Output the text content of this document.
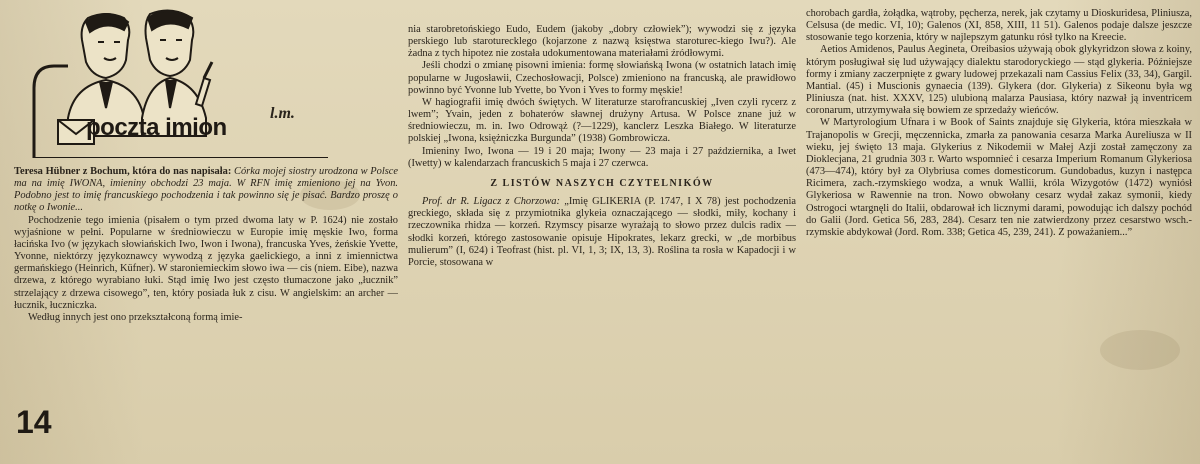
poczta imion
l.m.

Teresa Hübner z Bochum, która do nas napisała: Córka mojej siostry urodzona w Polsce ma na imię IWONA, imieniny obchodzi 23 maja. W RFN imię zmieniono jej na Yvon. Podobno jest to imię francuskiego pochodzenia i tak powinno się je pisać. Bardzo proszę o notkę o Iwonie...

Pochodzenie tego imienia (pisałem o tym przed dwoma laty w P. 1624) nie zostało wyjaśnione w pełni. Popularne w średniowieczu w Europie imię męskie Iwo, forma łacińska Ivo (w językach słowiańskich Iwo, Iwon i Iwona), francuska Yves, żeńskie Yvette, Yvonne, niektórzy językoznawcy wywodzą z języka gaelickiego, a inni z imiennictwa germańskiego (Heinrich, Küfner). W staroniemieckim słowo iwa — cis (niem. Eibe), nazwa drzewa, z którego wyrabiano łuki. Stąd imię Iwo jest często tłumaczone jako „łucznik” strzelający z drzewa cisowego”, ten, który posiada łuk z cisu. W angielskim: an archer — łucznik, łuczniczka.

Według innych jest ono przekształconą formą imie-

14

nia starobretońskiego Eudo, Eudem (jakoby „dobry człowiek”); wywodzi się z języka perskiego lub staroturecklego (kojarzone z nazwą księstwa staroturec-kiego Iwu?). Ale żadna z tych hipotez nie została udokumentowana materiałami źródłowymi.

Jeśli chodzi o zmianę pisowni imienia: formę słowiańską Iwona (w ostatnich latach imię popularne w Jugosławii, Czechosłowacji, Polsce) zmieniono na francuską, ale prawidłowo powinno być Yvonne lub Yvette, bo Yvon i Yves to formy męskie!

W hagiografii imię dwóch świętych. W literaturze starofrancuskiej „Iven czyli rycerz z lwem”; Yvain, jeden z bohaterów sławnej drużyny Artusa. W Polsce znane już w średniowieczu, m. in. Iwo Odrowąż (?—1229), kanclerz Leszka Białego. W literaturze polskiej „Iwona, księżniczka Burgunda” (1938) Gombrowicza.

Imieniny Iwo, Iwona — 19 i 20 maja; Iwony — 23 maja i 27 października, a Iwet (Iwetty) w kalendarzach francuskich 5 maja i 27 czerwca.

Z LISTÓW NASZYCH CZYTELNIKÓW

Prof. dr R. Ligacz z Chorzowa: „Imię GLIKERIA (P. 1747, I X 78) jest pochodzenia greckiego, składa się z przymiotnika glykeia oznaczającego — słodki, miły, kochany i rzeczownika rhidza — korzeń. Rzymscy pisarze wyrażają to słowo przez dulcis radix — słodki korzeń, którego zastosowanie opisuje Hipokrates, lekarz grecki, w „de morbibus mulierum” (I, 624) i Teofrast (hist. pl. VI, 1, 3; IX, 13, 3). Roślina ta rosła w Kapadocji i w Porcie, stosowana w

chorobach gardła, żołądka, wątroby, pęcherza, nerek, jak czytamy u Dioskuridesa, Pliniusza, Celsusa (de medic. VI, 10); Galenos (XI, 858, XIII, 11 51). Galenos podaje dalsze jeszcze stosowanie tego korzenia, który w najlepszym gatunku rósł tylko na Kreecie.

Aetios Amidenos, Paulus Aegineta, Oreibasios używają obok glykyridzon słowa z koiny, którym posługiwał się lud używający dialektu starodoryckiego — stąd glykeria. Późniejsze formy i zmiany zaczerpnięte z gwary ludowej przekazali nam Cassius Felix (33, 34), Gargil. Mantial. (45) i Muscionis gynaecia (139). Glykera (dor. Glykeria) z Sikeonu była wg Pliniusza (nat. hist. XXXV, 125) ulubioną malarza Pausiasa, który nazwał ją inventricem coronarum, utrzymywała się bowiem ze sprzedaży wieńców.

W Martyrologium Ufnara i w Book of Saints znajduje się Glykeria, która mieszkała w Trajanopolis w Grecji, męczennicka, zmarła za panowania cesarza Marka Aureliusza w II wieku, jej święto 13 maja. Glykerius z Nikodemii w Małej Azji został zamęczony za Dioklecjana, 21 grudnia 303 r. Warto wspomnieć i cesarza Imperium Romanum Glykeriosa (473—474), który był za Olybriusa comes domesticorum. Gundobadus, kuzyn i następca Ricimera, zach.-rzymskiego wodza, a wnuk Wallii, króla Wizygotów (1472) wyniósł Glykeriosa w Rawennie na tron. Nowo obwołany cesarz wydał zakaz symonii, kiedy Ostrogoci wtargnęli do Italii, obdarował ich licznymi darami, powodując ich dalszy pochód do Galii (Jord. Getica 56, 283, 284). Cesarz ten nie zatwierdzony przez cesarstwo wsch.-rzymskie abdykował (Jord. Rom. 338; Getica 45, 239, 241). Z poważaniem...”
